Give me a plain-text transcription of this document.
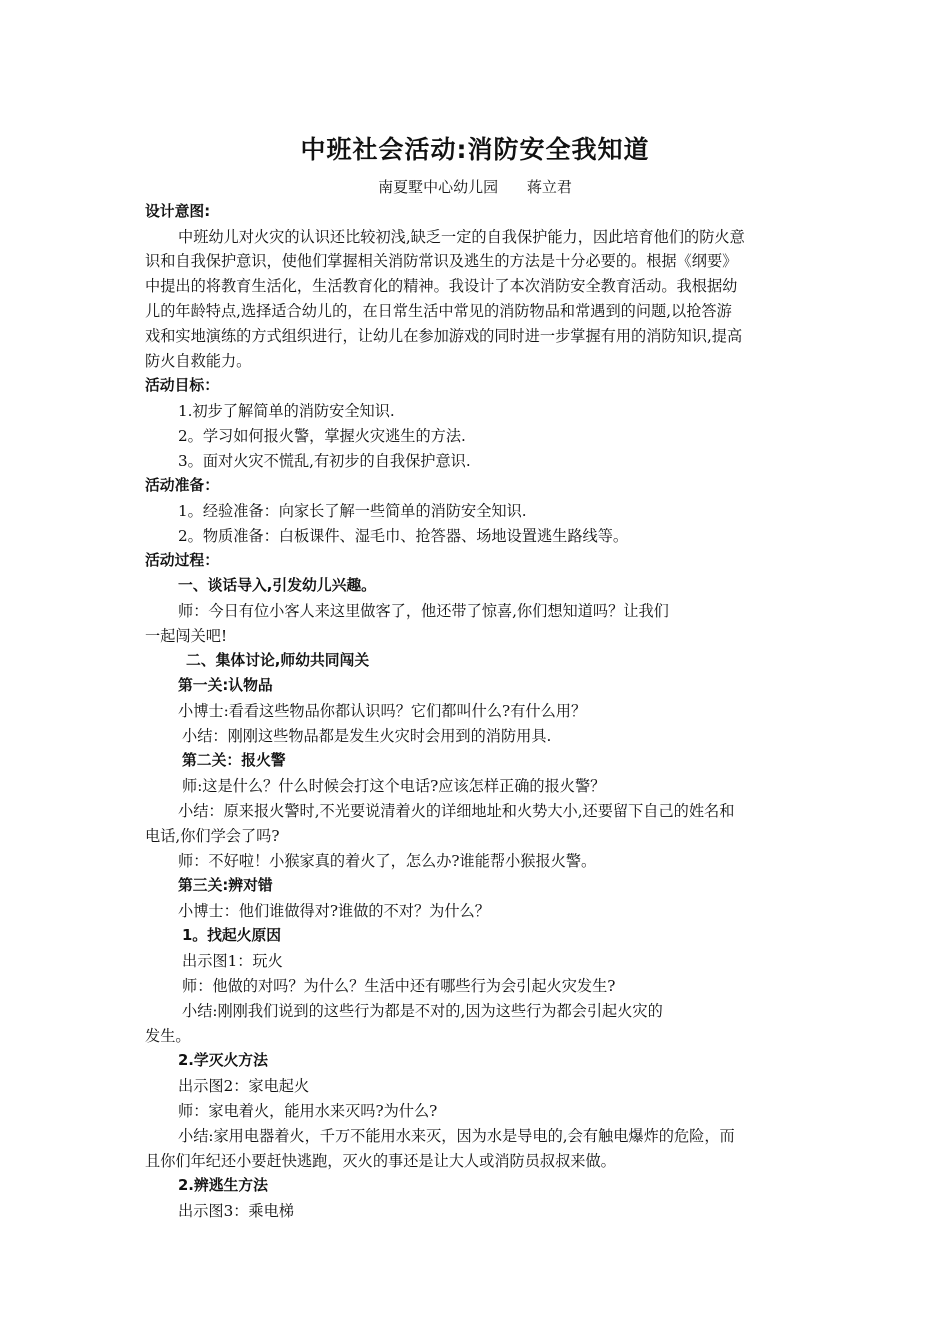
中班社会活动:消防安全我知道
南夏墅中心幼儿园 蒋立君
设计意图:
中班幼儿对火灾的认识还比较初浅,缺乏一定的自我保护能力，因此培育他们的防火意
识和自我保护意识，使他们掌握相关消防常识及逃生的方法是十分必要的。根据《纲要》
中提出的将教育生活化，生活教育化的精神。我设计了本次消防安全教育活动。我根据幼
儿的年龄特点,选择适合幼儿的，在日常生活中常见的消防物品和常遇到的问题,以抢答游
戏和实地演练的方式组织进行，让幼儿在参加游戏的同时进一步掌握有用的消防知识,提高
防火自救能力。
活动目标：
1.初步了解简单的消防安全知识.
2。学习如何报火警，掌握火灾逃生的方法.
3。面对火灾不慌乱,有初步的自我保护意识.
活动准备：
1。经验准备：向家长了解一些简单的消防安全知识.
2。物质准备：白板课件、湿毛巾、抢答器、场地设置逃生路线等。
活动过程：
一、谈话导入,引发幼儿兴趣。
师：今日有位小客人来这里做客了，他还带了惊喜,你们想知道吗？让我们
一起闯关吧!
二、集体讨论,师幼共同闯关
第一关:认物品
小博士:看看这些物品你都认识吗？它们都叫什么?有什么用？
小结：刚刚这些物品都是发生火灾时会用到的消防用具.
第二关：报火警
师:这是什么？什么时候会打这个电话?应该怎样正确的报火警？
小结：原来报火警时,不光要说清着火的详细地址和火势大小,还要留下自己的姓名和
电话,你们学会了吗?
师：不好啦！小猴家真的着火了，怎么办?谁能帮小猴报火警。
第三关:辨对错
小博士：他们谁做得对?谁做的不对？为什么？
1。找起火原因
出示图1：玩火
师：他做的对吗？为什么？生活中还有哪些行为会引起火灾发生?
小结:刚刚我们说到的这些行为都是不对的,因为这些行为都会引起火灾的
发生。
2.学灭火方法
出示图2：家电起火
师：家电着火，能用水来灭吗?为什么?
小结:家用电器着火，千万不能用水来灭，因为水是导电的,会有触电爆炸的危险，而
且你们年纪还小要赶快逃跑，灭火的事还是让大人或消防员叔叔来做。
2.辨逃生方法
出示图3：乘电梯
